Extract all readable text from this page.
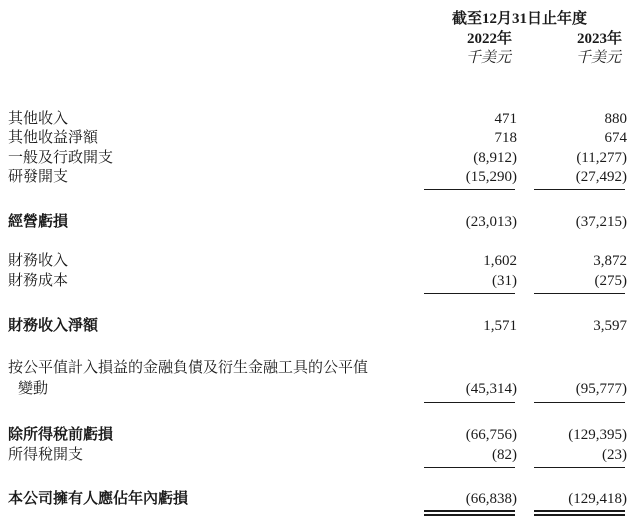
截至12月31日止年度
2022年	2023年
千美元	千美元
其他收入	471	880
其他收益淨額	718	674
一般及行政開支	(8,912)	(11,277)
研發開支	(15,290)	(27,492)
經營虧損	(23,013)	(37,215)
財務收入	1,602	3,872
財務成本	(31)	(275)
財務收入淨額	1,571	3,597
按公平值計入損益的金融負債及衍生金融工具的公平值
變動	(45,314)	(95,777)
除所得稅前虧損	(66,756)	(129,395)
所得稅開支	(82)	(23)
本公司擁有人應佔年內虧損	(66,838)	(129,418)
